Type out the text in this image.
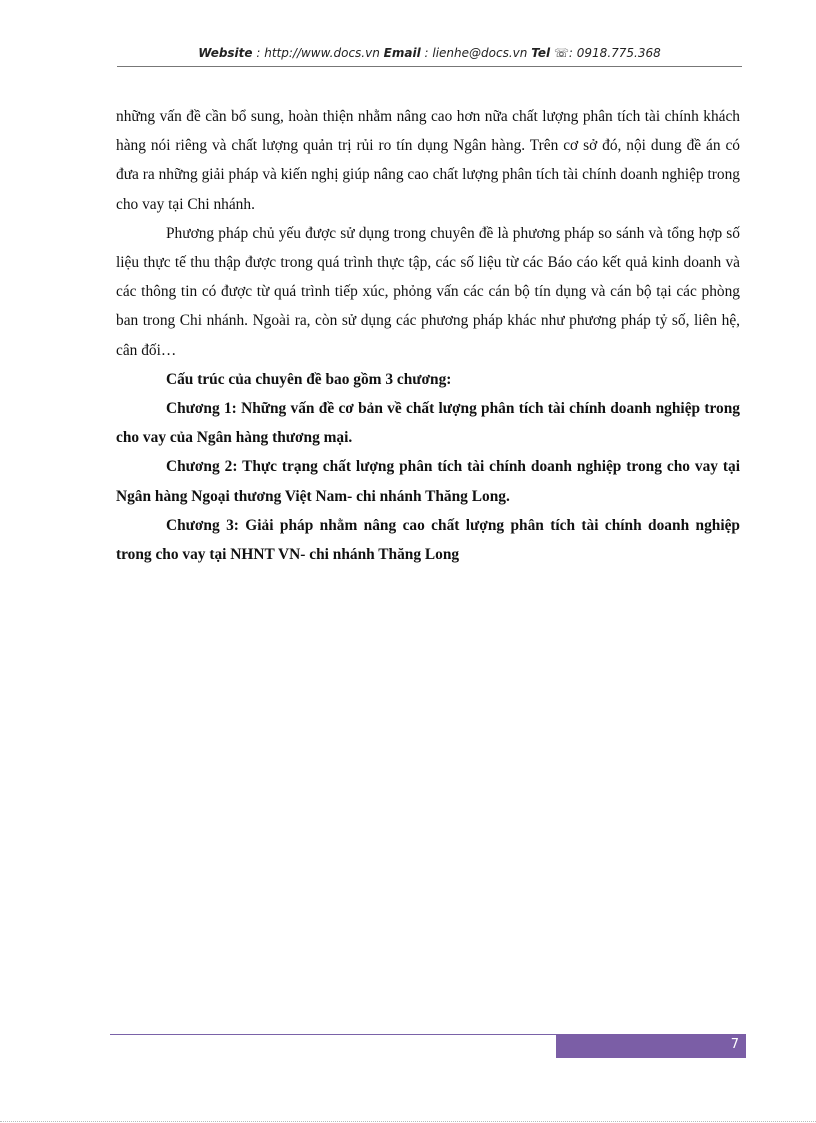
Website : http://www.docs.vn Email : lienhe@docs.vn Tel ☏: 0918.775.368

những vấn đề cần bổ sung, hoàn thiện nhằm nâng cao hơn nữa chất lượng phân tích tài chính khách hàng nói riêng và chất lượng quản trị rủi ro tín dụng Ngân hàng. Trên cơ sở đó, nội dung đề án có đưa ra những giải pháp và kiến nghị giúp nâng cao chất lượng phân tích tài chính doanh nghiệp trong cho vay tại Chi nhánh.

Phương pháp chủ yếu được sử dụng trong chuyên đề là phương pháp so sánh và tổng hợp số liệu thực tế thu thập được trong quá trình thực tập, các số liệu từ các Báo cáo kết quả kinh doanh và các thông tin có được từ quá trình tiếp xúc, phỏng vấn các cán bộ tín dụng và cán bộ tại các phòng ban trong Chi nhánh. Ngoài ra, còn sử dụng các phương pháp khác như phương pháp tỷ số, liên hệ, cân đối…

Cấu trúc của chuyên đề bao gồm 3 chương:

Chương 1: Những vấn đề cơ bản về chất lượng phân tích tài chính doanh nghiệp trong cho vay của Ngân hàng thương mại.

Chương 2: Thực trạng chất lượng phân tích tài chính doanh nghiệp trong cho vay tại Ngân hàng Ngoại thương Việt Nam- chi nhánh Thăng Long.

Chương 3: Giải pháp nhằm nâng cao chất lượng phân tích tài chính doanh nghiệp trong cho vay tại NHNT VN- chi nhánh Thăng Long

7
